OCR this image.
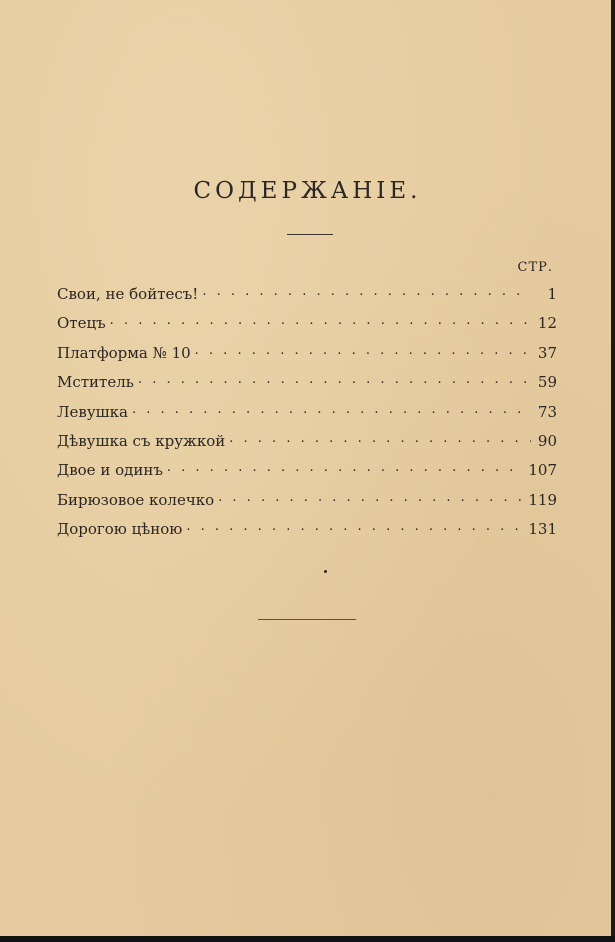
СОДЕРЖАНIЕ.
СТР.
Свои, не бойтесъ! . . .	1
Отецъ . . .	12
Платформа № 10 . . .	37
Мститель . . .	59
Левушка . . .	73
Дѣвушка съ кружкой . . .	90
Двое и одинъ . . .	107
Бирюзовое колечко . . .	119
Дорогою цѣною . . .	131
